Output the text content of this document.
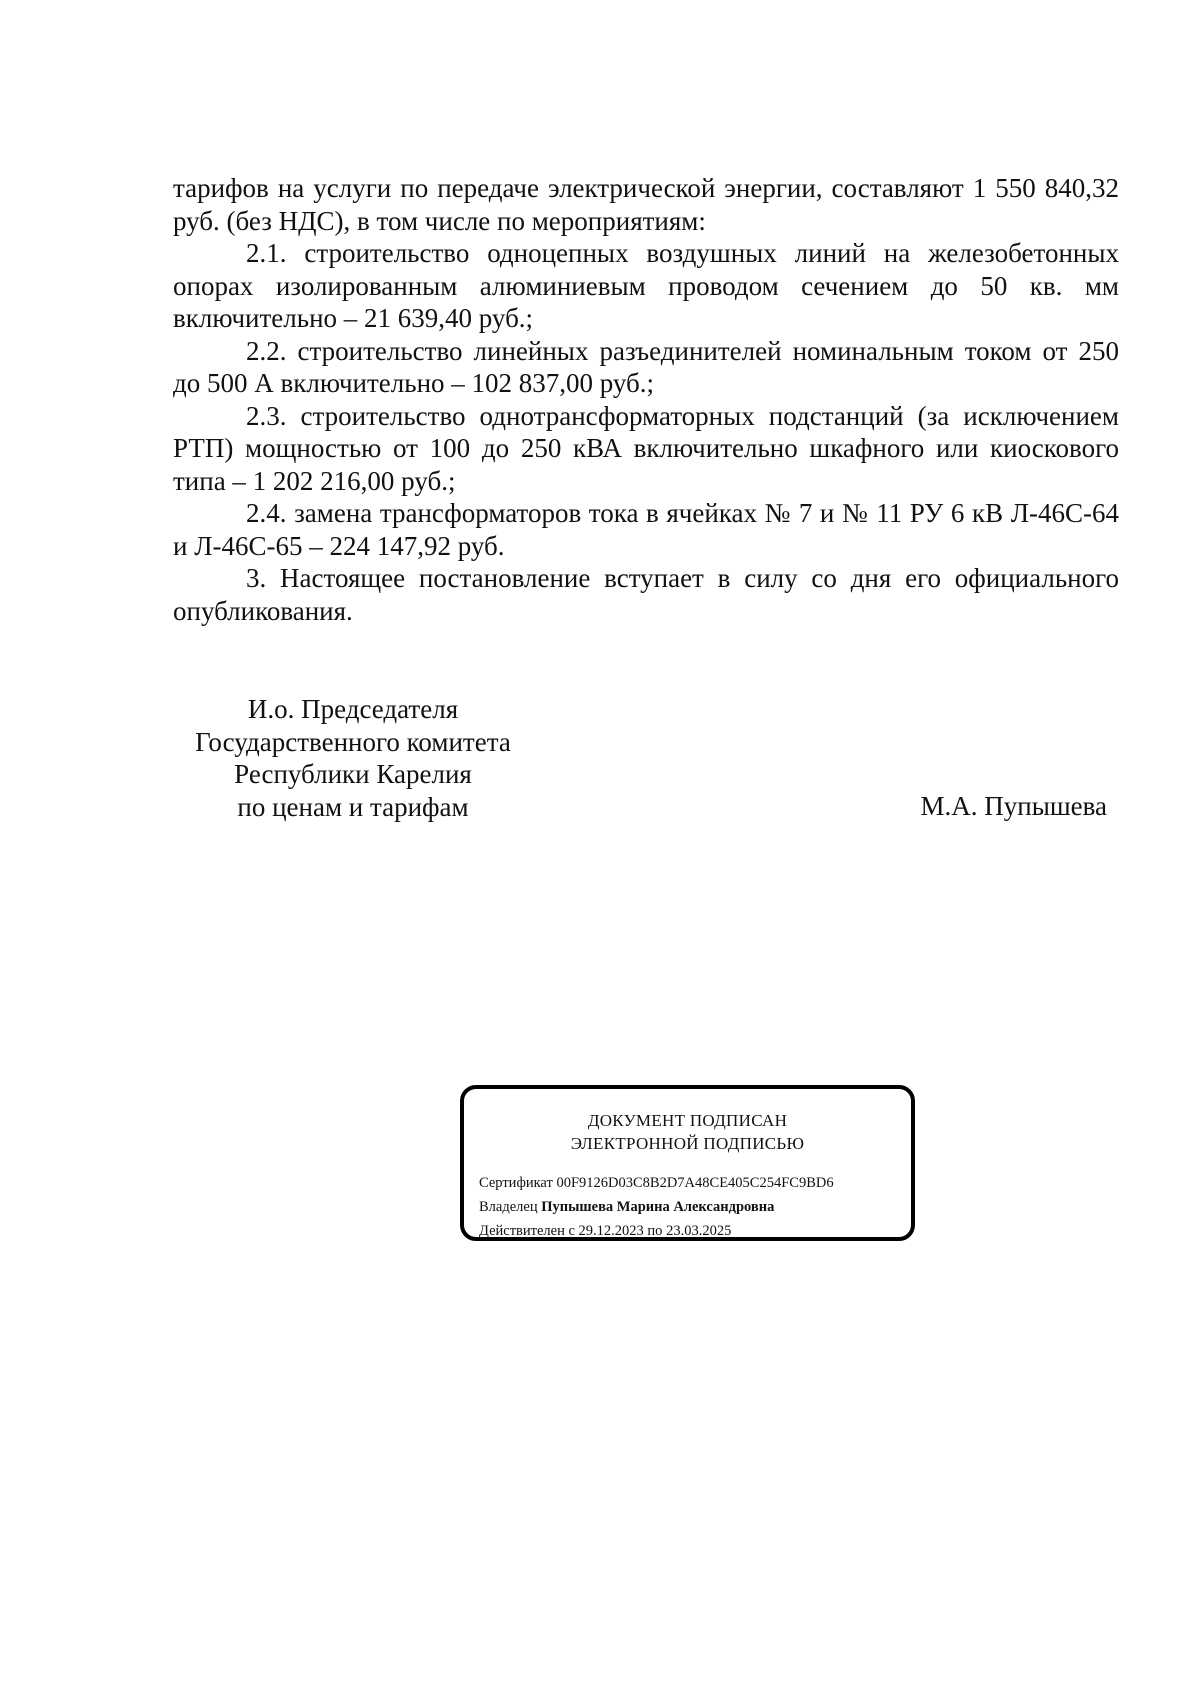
тарифов на услуги по передаче электрической энергии, составляют 1 550 840,32 руб. (без НДС), в том числе по мероприятиям:

2.1. строительство одноцепных воздушных линий на железобетонных опорах изолированным алюминиевым проводом сечением до 50 кв. мм включительно – 21 639,40 руб.;

2.2. строительство линейных разъединителей номинальным током от 250 до 500 А включительно – 102 837,00 руб.;

2.3. строительство однотрансформаторных подстанций (за исключением РТП) мощностью от 100 до 250 кВА включительно шкафного или киоскового типа – 1 202 216,00 руб.;

2.4. замена трансформаторов тока в ячейках № 7 и № 11 РУ 6 кВ Л-46С-64 и Л-46С-65 – 224 147,92 руб.

3. Настоящее постановление вступает в силу со дня его официального опубликования.

И.о. Председателя
Государственного комитета
Республики Карелия
по ценам и тарифам	М.А. Пупышева
ДОКУМЕНТ ПОДПИСАН
ЭЛЕКТРОННОЙ ПОДПИСЬЮ
Сертификат 00F9126D03C8B2D7A48CE405C254FC9BD6
Владелец Пупышева Марина Александровна
Действителен с 29.12.2023 по 23.03.2025
